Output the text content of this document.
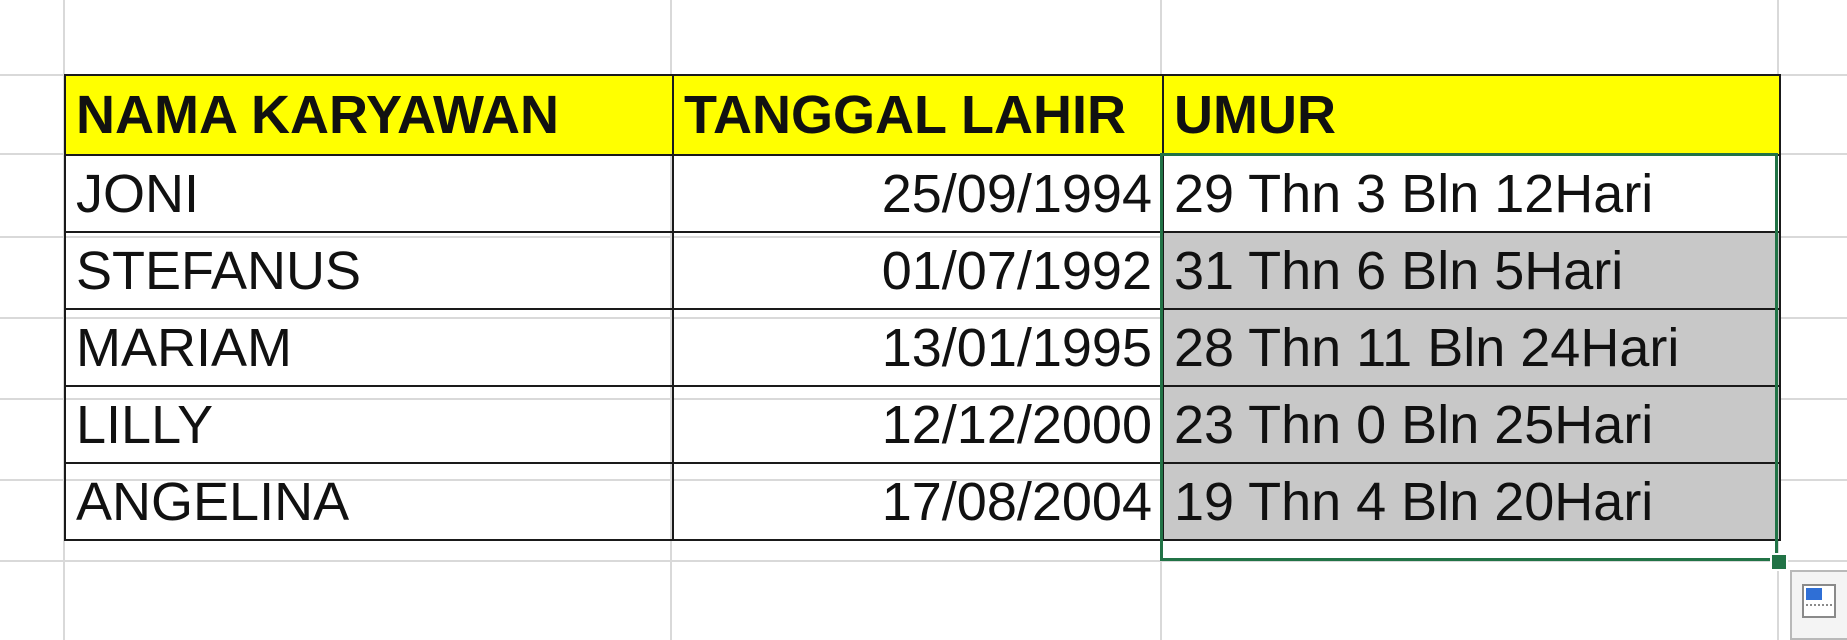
NAMA KARYAWAN	TANGGAL LAHIR	UMUR
JONI	25/09/1994	29 Thn 3 Bln 12Hari
STEFANUS	01/07/1992	31 Thn 6 Bln 5Hari
MARIAM	13/01/1995	28 Thn 11 Bln 24Hari
LILLY	12/12/2000	23 Thn 0 Bln 25Hari
ANGELINA	17/08/2004	19 Thn 4 Bln 20Hari
